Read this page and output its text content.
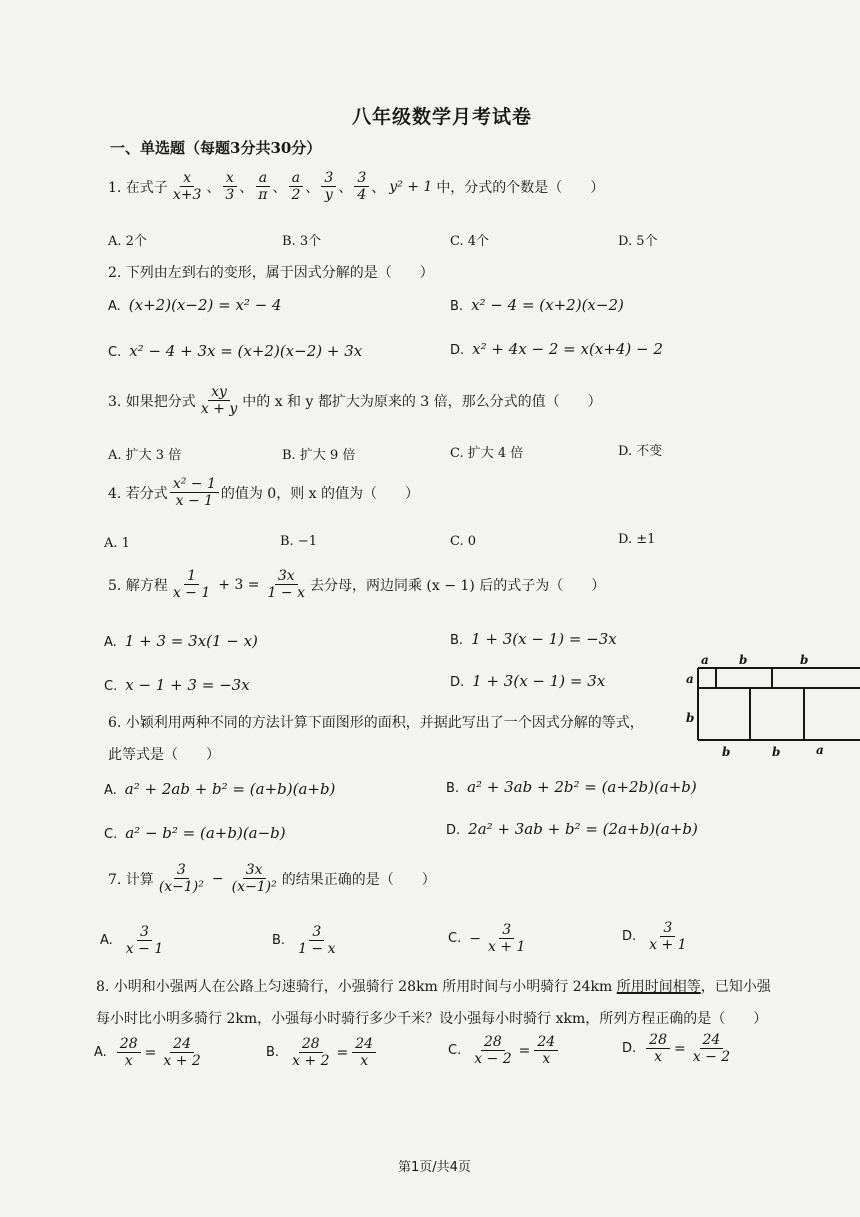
八年级数学月考试卷
一、单选题（每题3分共30分）
1. 在式子 $\frac{x}{x+3}$ 、 $\frac{x}{3}$ 、 $\frac{a}{\pi}$ 、 $\frac{a}{2}$ 、 $\frac{3}{y}$ 、 $\frac{3}{4}$ 、 y² + 1 中，分式的个数是（　　）
A. 2个	B. 3个	C. 4个	D. 5个
2. 下列由左到右的变形，属于因式分解的是（　　）
A. (x+2)(x−2) = x² − 4	B. x² − 4 = (x+2)(x−2)
C. x² − 4 + 3x = (x+2)(x−2) + 3x	D. x² + 4x − 2 = x(x+4) − 2
3. 如果把分式 $\frac{xy}{x + y}$ 中的 x 和 y 都扩大为原来的 3 倍，那么分式的值（　　）
A. 扩大 3 倍	B. 扩大 9 倍	C. 扩大 4 倍	D. 不变
4. 若分式 $\frac{\text{x² − 1}}{x - 1}$ 的值为 0，则 x 的值为（　　）
A. 1	B. −1	C. 0	D. ±1
5. 解方程 $\frac{1}{x - 1} + 3 = \frac{3x}{1 - x}$ 去分母，两边同乘 (x − 1) 后的式子为（　　）
A. 1 + 3 = 3x(1 − x)	B. 1 + 3(x − 1) = −3x
C. x − 1 + 3 = −3x	D. 1 + 3(x − 1) = 3x
a	b	b
a
b
b	b	a
6. 小颖利用两种不同的方法计算下面图形的面积，并据此写出了一个因式分解的等式，
此等式是（　　）
A. a² + 2ab + b² = (a+b)(a+b)	B. a² + 3ab + 2b² = (a+2b)(a+b)
C. a² − b² = (a+b)(a−b)	D. 2a² + 3ab + b² = (2a+b)(a+b)
7. 计算 $\frac{3}{\text{(x−1)²}} - \frac{3x}{\text{(x−1)²}}$ 的结果正确的是（　　）
A. $\frac{3}{x - 1}$	B. $\frac{3}{1 - x}$	C. − $\frac{3}{x + 1}$	D. $\frac{3}{x + 1}$
8. 小明和小强两人在公路上匀速骑行，小强骑行 28km 所用时间与小明骑行 24km 所用时间相等，已知小强
每小时比小明多骑行 2km，小强每小时骑行多少千米？设小强每小时骑行 xkm，所列方程正确的是（　　）
A. $\frac{28}{x} = \frac{24}{x + 2}$	B. $\frac{28}{x + 2} = \frac{24}{x}$	C. $\frac{28}{x - 2} = \frac{24}{x}$	D. $\frac{28}{x} = \frac{24}{x - 2}$
第1页/共4页
